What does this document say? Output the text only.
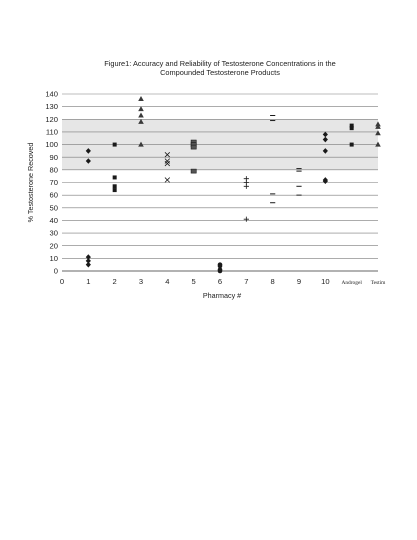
Figure1: Accuracy and Reliability of Testosterone Concentrations in the
Compounded Testosterone Products
0
10
20
30
40
50
60
70
80
90
100
110
120
130
140
0	1	2	3	4	5	6	7	8	9	10 Androgel Testim
% Testosterone Recoved
Pharmacy #
